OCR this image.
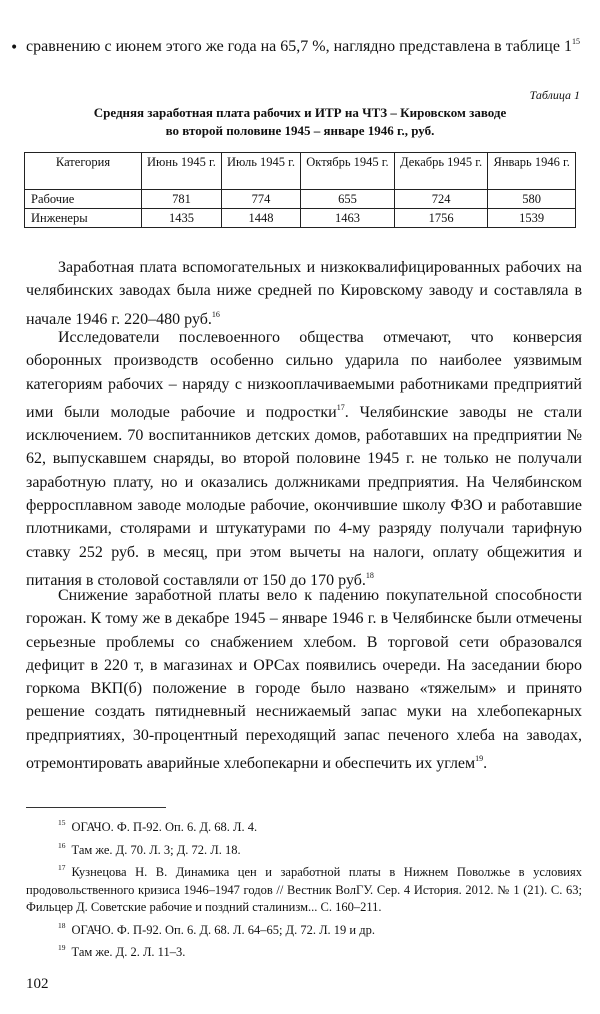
• сравнению с июнем этого же года на 65,7 %, наглядно представлена в таблице 1$^{15}$

Таблица 1
Средняя заработная плата рабочих и ИТР на ЧТЗ – Кировском заводе
во второй половине 1945 – январе 1946 г., руб.
Категория	Июнь 1945 г.	Июль 1945 г.	Октябрь 1945 г.	Декабрь 1945 г.	Январь 1946 г.
Рабочие	781	774	655	724	580
Инженеры	1435	1448	1463	1756	1539

Заработная плата вспомогательных и низкоквалифицированных рабочих на челябинских заводах была ниже средней по Кировскому заводу и составляла в начале 1946 г. 220–480 руб.$^{16}$

Исследователи послевоенного общества отмечают, что конверсия оборонных производств особенно сильно ударила по наиболее уязвимым категориям рабочих – наряду с низкооплачиваемыми работниками предприятий ими были молодые рабочие и подростки$^{17}$. Челябинские заводы не стали исключением. 70 воспитанников детских домов, работавших на предприятии № 62, выпускавшем снаряды, во второй половине 1945 г. не только не получали заработную плату, но и оказались должниками предприятия. На Челябинском ферросплавном заводе молодые рабочие, окончившие школу ФЗО и работавшие плотниками, столярами и штукатурами по 4-му разряду получали тарифную ставку 252 руб. в месяц, при этом вычеты на налоги, оплату общежития и питания в столовой составляли от 150 до 170 руб.$^{18}$

Снижение заработной платы вело к падению покупательной способности горожан. К тому же в декабре 1945 – январе 1946 г. в Челябинске были отмечены серьезные проблемы со снабжением хлебом. В торговой сети образовался дефицит в 220 т, в магазинах и ОРСах появились очереди. На заседании бюро горкома ВКП(б) положение в городе было названо «тяжелым» и принято решение создать пятидневный неснижаемый запас муки на хлебопекарных предприятиях, 30-процентный переходящий запас печеного хлеба на заводах, отремонтировать аварийные хлебопекарни и обеспечить их углем$^{19}$.

$^{15}$ ОГАЧО. Ф. П-92. Оп. 6. Д. 68. Л. 4.

$^{16}$ Там же. Д. 70. Л. 3; Д. 72. Л. 18.

$^{17}$ Кузнецова Н. В. Динамика цен и заработной платы в Нижнем Поволжье в условиях продовольственного кризиса 1946–1947 годов // Вестник ВолГУ. Сер. 4 История. 2012. № 1 (21). С. 63; Фильцер Д. Советские рабочие и поздний сталинизм... С. 160–211.

$^{18}$ ОГАЧО. Ф. П-92. Оп. 6. Д. 68. Л. 64–65; Д. 72. Л. 19 и др.

$^{19}$ Там же. Д. 2. Л. 11–3.

102
